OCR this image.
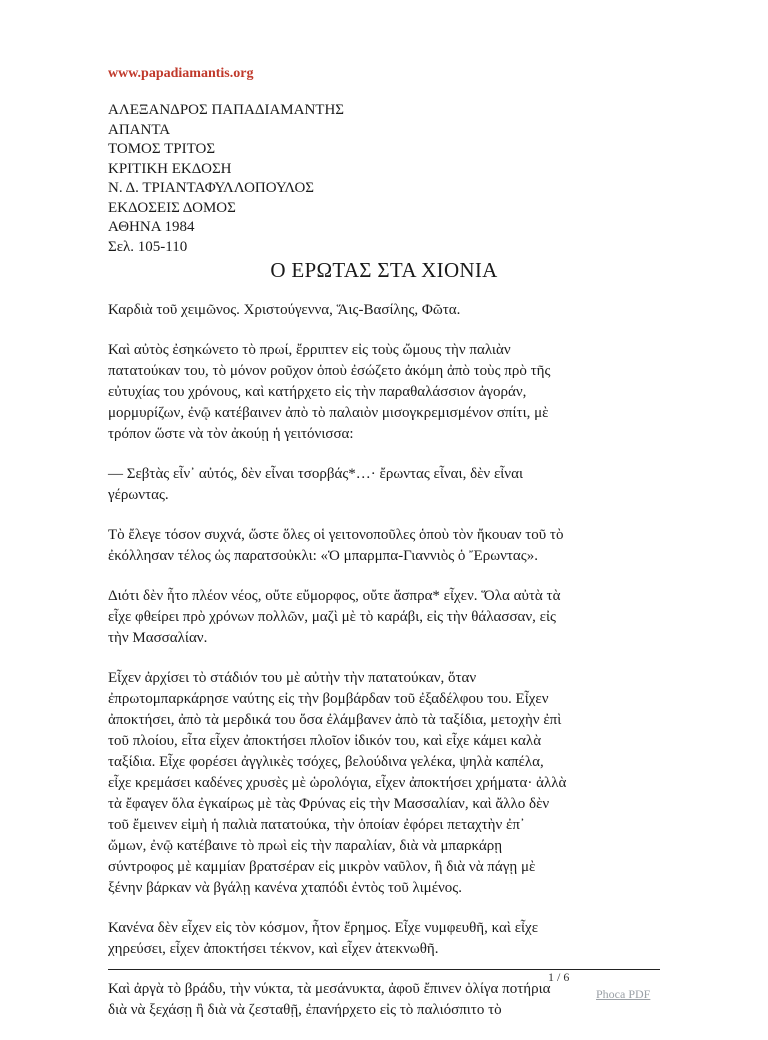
www.papadiamantis.org
ΑΛΕΞΑΝΔΡΟΣ ΠΑΠΑΔΙΑΜΑΝΤΗΣ
ΑΠΑΝΤΑ
ΤΟΜΟΣ ΤΡΙΤΟΣ
ΚΡΙΤΙΚΗ ΕΚΔΟΣΗ
Ν. Δ. ΤΡΙΑΝΤΑΦΥΛΛΟΠΟΥΛΟΣ
ΕΚΔΟΣΕΙΣ ΔΟΜΟΣ
ΑΘΗΝΑ 1984
Σελ. 105-110
Ο ΕΡΩΤΑΣ ΣΤΑ ΧΙΟΝΙΑ

Καρδιὰ τοῦ χειμῶνος. Χριστούγεννα, Ἅις-Βασίλης, Φῶτα.

Καὶ αὐτὸς ἐσηκώνετο τὸ πρωί, ἔρριπτεν εἰς τοὺς ὤμους τὴν παλιὰν
πατατούκαν του, τὸ μόνον ροῦχον ὁποὺ ἐσώζετο ἀκόμη ἀπὸ τοὺς πρὸ τῆς
εὐτυχίας του χρόνους, καὶ κατήρχετο εἰς τὴν παραθαλάσσιον ἀγοράν,
μορμυρίζων, ἐνῷ κατέβαινεν ἀπὸ τὸ παλαιὸν μισογκρεμισμένον σπίτι, μὲ
τρόπον ὥστε νὰ τὸν ἀκούῃ ἡ γειτόνισσα:

— Σεβτὰς εἶν᾽ αὐτός, δὲν εἶναι τσορβάς*…· ἔρωντας εἶναι, δὲν εἶναι
γέρωντας.

Τὸ ἔλεγε τόσον συχνά, ὥστε ὅλες οἱ γειτονοποῦλες ὁποὺ τὸν ἤκουαν τοῦ τὸ
ἐκόλλησαν τέλος ὡς παρατσοὐκλι: «Ὁ μπαρμπα-Γιαννιὸς ὁ Ἔρωντας».

Διότι δὲν ἦτο πλέον νέος, οὔτε εὔμορφος, οὔτε ἄσπρα* εἶχεν. Ὅλα αὐτὰ τὰ
εἶχε φθείρει πρὸ χρόνων πολλῶν, μαζὶ μὲ τὸ καράβι, εἰς τὴν θάλασσαν, εἰς
τὴν Μασσαλίαν.

Εἶχεν ἀρχίσει τὸ στάδιόν του μὲ αὐτὴν τὴν πατατούκαν, ὅταν
ἐπρωτομπαρκάρησε ναύτης εἰς τὴν βομβάρδαν τοῦ ἐξαδέλφου του. Εἶχεν
ἀποκτήσει, ἀπὸ τὰ μερδικά του ὅσα ἐλάμβανεν ἀπὸ τὰ ταξίδια, μετοχὴν ἐπὶ
τοῦ πλοίου, εἶτα εἶχεν ἀποκτήσει πλοῖον ἰδικόν του, καὶ εἶχε κάμει καλὰ
ταξίδια. Εἶχε φορέσει ἀγγλικὲς τσόχες, βελούδινα γελέκα, ψηλὰ καπέλα,
εἶχε κρεμάσει καδένες χρυσὲς μὲ ὡρολόγια, εἶχεν ἀποκτήσει χρήματα· ἀλλὰ
τὰ ἔφαγεν ὅλα ἐγκαίρως μὲ τὰς Φρύνας εἰς τὴν Μασσαλίαν, καὶ ἄλλο δὲν
τοῦ ἔμεινεν εἰμὴ ἡ παλιὰ πατατούκα, τὴν ὁποίαν ἐφόρει πεταχτὴν ἐπ᾽
ὤμων, ἐνῷ κατέβαινε τὸ πρωὶ εἰς τὴν παραλίαν, διὰ νὰ μπαρκάρῃ
σύντροφος μὲ καμμίαν βρατσέραν εἰς μικρὸν ναῦλον, ἢ διὰ νὰ πάγῃ μὲ
ξένην βάρκαν νὰ βγάλῃ κανένα χταπόδι ἐντὸς τοῦ λιμένος.

Κανένα δὲν εἶχεν εἰς τὸν κόσμον, ἦτον ἔρημος. Εἶχε νυμφευθῆ, καὶ εἶχε
χηρεύσει, εἶχεν ἀποκτήσει τέκνον, καὶ εἶχεν ἀτεκνωθῆ.

Καὶ ἀργὰ τὸ βράδυ, τὴν νύκτα, τὰ μεσάνυκτα, ἀφοῦ ἔπινεν ὀλίγα ποτήρια
διὰ νὰ ξεχάσῃ ἢ διὰ νὰ ζεσταθῇ, ἐπανήρχετο εἰς τὸ παλιόσπιτο τὸ

1 / 6
Phoca PDF
